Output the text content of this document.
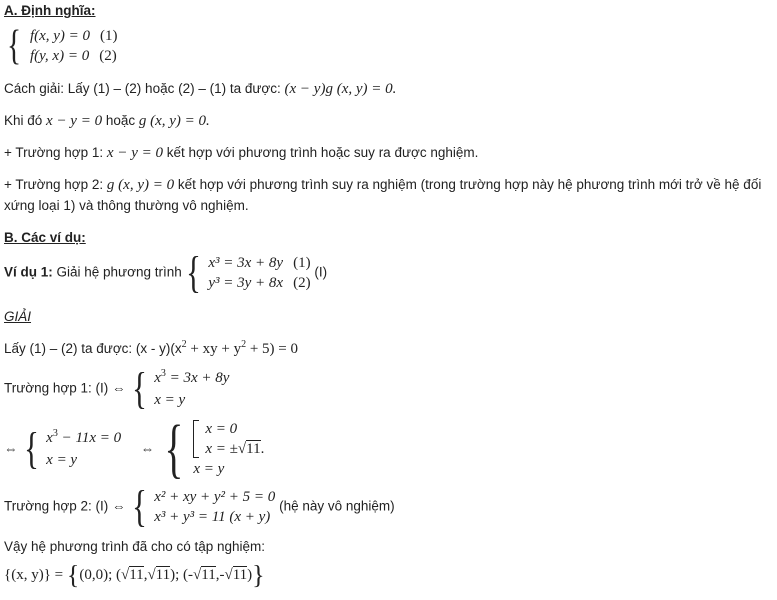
A. Định nghĩa:
{ f(x, y) = 0 (1)
f(y, x) = 0 (2)
Cách giải: Lấy (1) – (2) hoặc (2) – (1) ta được: (x − y)g (x, y) = 0.
Khi đó x − y = 0 hoặc g (x, y) = 0.
+ Trường hợp 1: x − y = 0 kết hợp với phương trình hoặc suy ra được nghiệm.
+ Trường hợp 2: g (x, y) = 0 kết hợp với phương trình suy ra nghiệm (trong trường hợp này hệ phương trình mới trở về hệ đối
xứng loại 1) và thông thường vô nghiệm.
B. Các ví dụ:
Ví dụ 1: Giải hệ phương trình { x³ = 3x + 8y (1)
y³ = 3y + 8x (2)
(I)
GIẢI
Lấy (1) – (2) ta được: $(x - y)(x^2$ + xy + $y^2 + 5) = 0$
Trường hợp 1: (I) ⇔ { $x^3 = 3x + 8y$
x = y
⇔ { $x^3 - 11x = 0$
x = y
⇔ { x = 0
x = ±√11.
x = y
Trường hợp 2: (I) ⇔ { x² + xy + y² + 5 = 0
x³ + y³ = 11 (x + y)
(hệ này vô nghiệm)
Vậy hệ phương trình đã cho có tập nghiệm:
{(x, y)} = {(0,0); (√11,√11); (-√11,-√11)}
